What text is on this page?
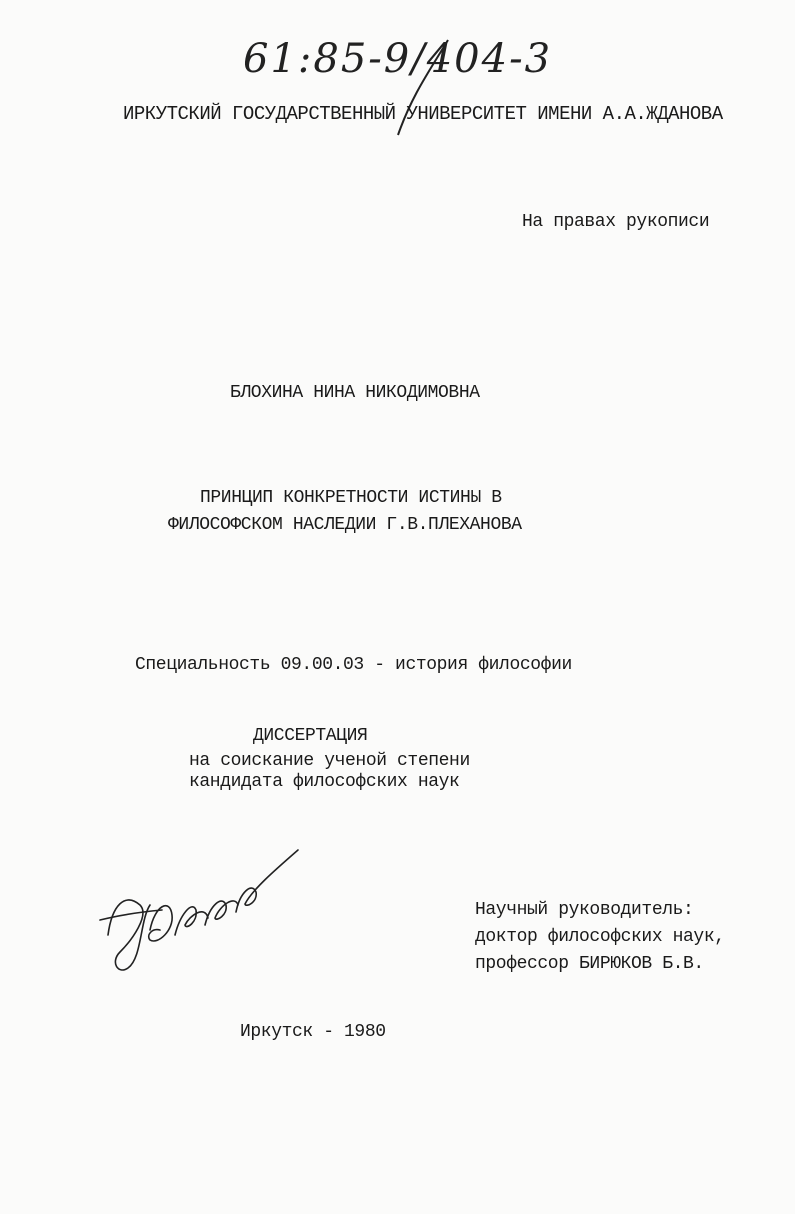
61:85-9/404-3
ИРКУТСКИЙ ГОСУДАРСТВЕННЫЙ УНИВЕРСИТЕТ ИМЕНИ А.А.ЖДАНОВА
На правах рукописи
БЛОХИНА НИНА НИКОДИМОВНА
ПРИНЦИП КОНКРЕТНОСТИ ИСТИНЫ В
ФИЛОСОФСКОМ НАСЛЕДИИ Г.В.ПЛЕХАНОВА
Специальность 09.00.03 - история философии
ДИССЕРТАЦИЯ
на соискание ученой степени
кандидата философских наук
Научный руководитель:
доктор философских наук,
профессор БИРЮКОВ Б.В.
Иркутск - 1980
